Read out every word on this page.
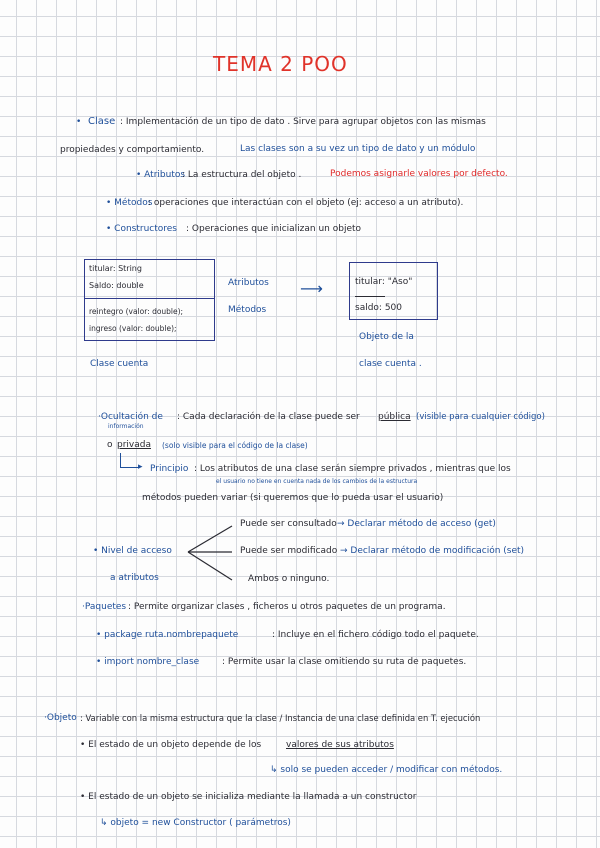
TEMA 2 POO
• Clase : Implementación de un tipo de dato . Sirve para agrupar objetos con las mismas
propiedades y comportamiento.	Las clases son a su vez un tipo de dato y un módulo
• Atributos
: La estructura del objeto .	Podemos asignarle valores por defecto.
• Métodos
: operaciones que interactúan con el objeto (ej: acceso a un atributo).
• Constructores : Operaciones que inicializan un objeto
titular: String
Saldo: double
reintegro (valor: double);
ingreso (valor: double);
Atributos
Métodos
⟶	titular: "Aso"
saldo: 500
Clase cuenta
Objeto de la
clase cuenta .
·Ocultación de
información
: Cada declaración de la clase puede ser pública (visible para cualquier código)
o privada (solo visible para el código de la clase)
▸ Principio : Los atributos de una clase serán siempre privados , mientras que los
el usuario no tiene en cuenta nada de los cambios de la estructura
métodos pueden variar (si queremos que lo pueda usar el usuario)
• Nivel de acceso
a atributos
Puede ser consultado → Declarar método de acceso (get)
Puede ser modificado → Declarar método de modificación (set)
Ambos o ninguno.
·Paquetes : Permite organizar clases , ficheros u otros paquetes de un programa.
• package ruta.nombrepaquete	: Incluye en el fichero código todo el paquete.
• import nombre_clase	: Permite usar la clase omitiendo su ruta de paquetes.
·Objeto : Variable con la misma estructura que la clase / Instancia de una clase definida en T. ejecución
• El estado de un objeto depende de los	valores de sus atributos
↳ solo se pueden acceder / modificar con métodos.
• El estado de un objeto se inicializa mediante la llamada a un constructor
↳ objeto = new Constructor ( parámetros)
